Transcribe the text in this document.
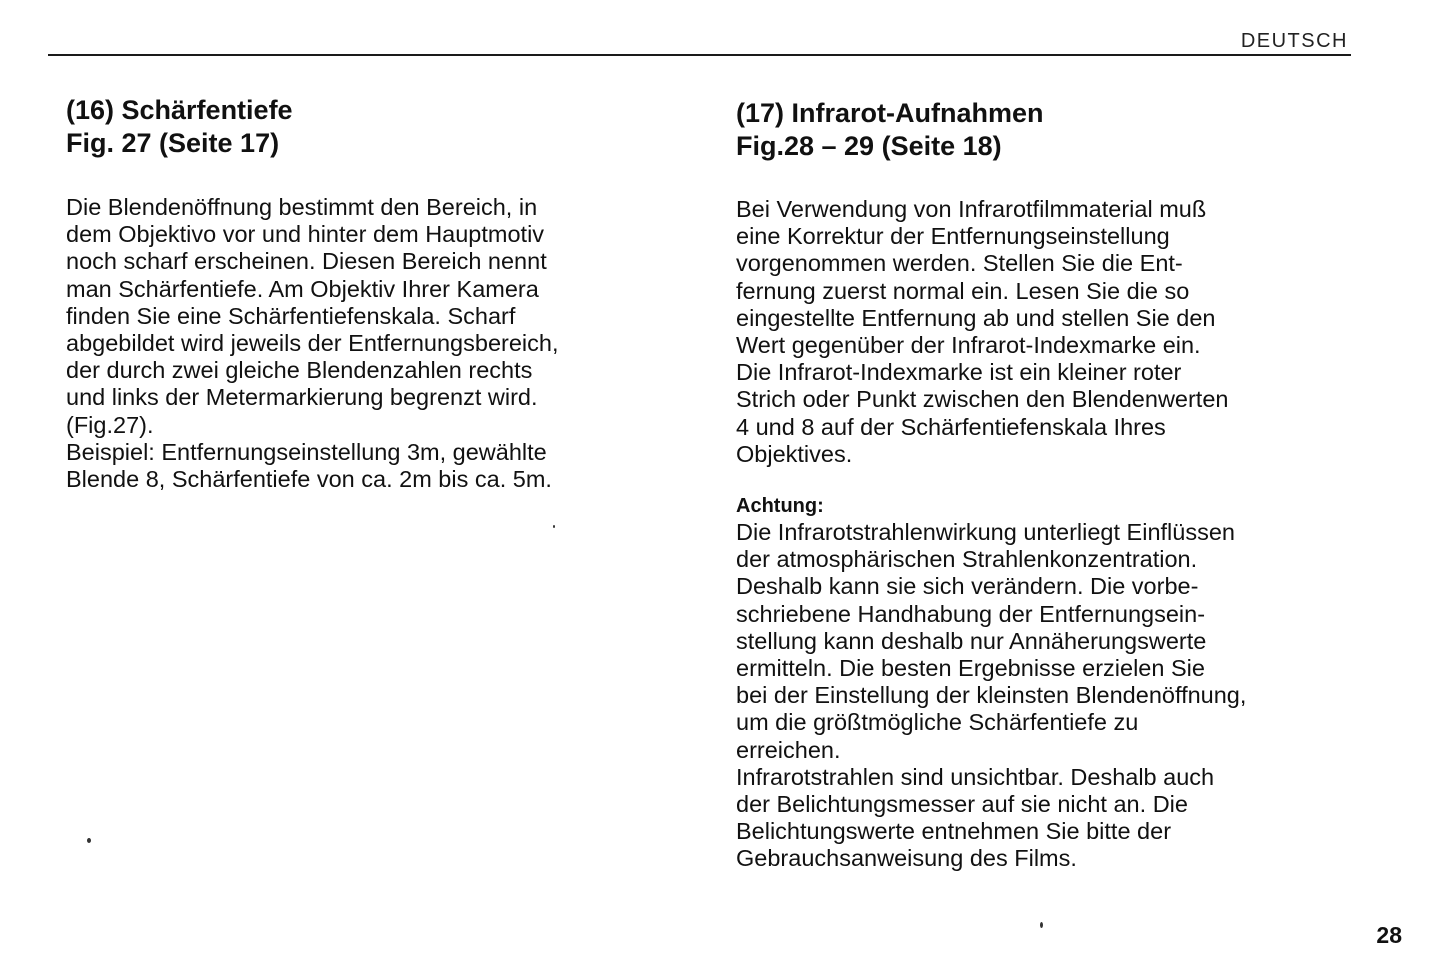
DEUTSCH
(16) Schärfentiefe
Fig. 27 (Seite 17)

Die Blendenöffnung bestimmt den Bereich, in
dem Objektivo vor und hinter dem Hauptmotiv
noch scharf erscheinen. Diesen Bereich nennt
man Schärfentiefe. Am Objektiv Ihrer Kamera
finden Sie eine Schärfentiefenskala. Scharf
abgebildet wird jeweils der Entfernungsbereich,
der durch zwei gleiche Blendenzahlen rechts
und links der Metermarkierung begrenzt wird.
(Fig.27).
Beispiel: Entfernungseinstellung 3m, gewählte
Blende 8, Schärfentiefe von ca. 2m bis ca. 5m.

(17) Infrarot-Aufnahmen
Fig.28 – 29 (Seite 18)

Bei Verwendung von Infrarotfilmmaterial muß
eine Korrektur der Entfernungseinstellung
vorgenommen werden. Stellen Sie die Ent-
fernung zuerst normal ein. Lesen Sie die so
eingestellte Entfernung ab und stellen Sie den
Wert gegenüber der Infrarot-Indexmarke ein.
Die Infrarot-Indexmarke ist ein kleiner roter
Strich oder Punkt zwischen den Blendenwerten
4 und 8 auf der Schärfentiefenskala Ihres
Objektives.

Achtung:

Die Infrarotstrahlenwirkung unterliegt Einflüssen
der atmosphärischen Strahlenkonzentration.
Deshalb kann sie sich verändern. Die vorbe-
schriebene Handhabung der Entfernungsein-
stellung kann deshalb nur Annäherungswerte
ermitteln. Die besten Ergebnisse erzielen Sie
bei der Einstellung der kleinsten Blendenöffnung,
um die größtmögliche Schärfentiefe zu
erreichen.
Infrarotstrahlen sind unsichtbar. Deshalb auch
der Belichtungsmesser auf sie nicht an. Die
Belichtungswerte entnehmen Sie bitte der
Gebrauchsanweisung des Films.

28
